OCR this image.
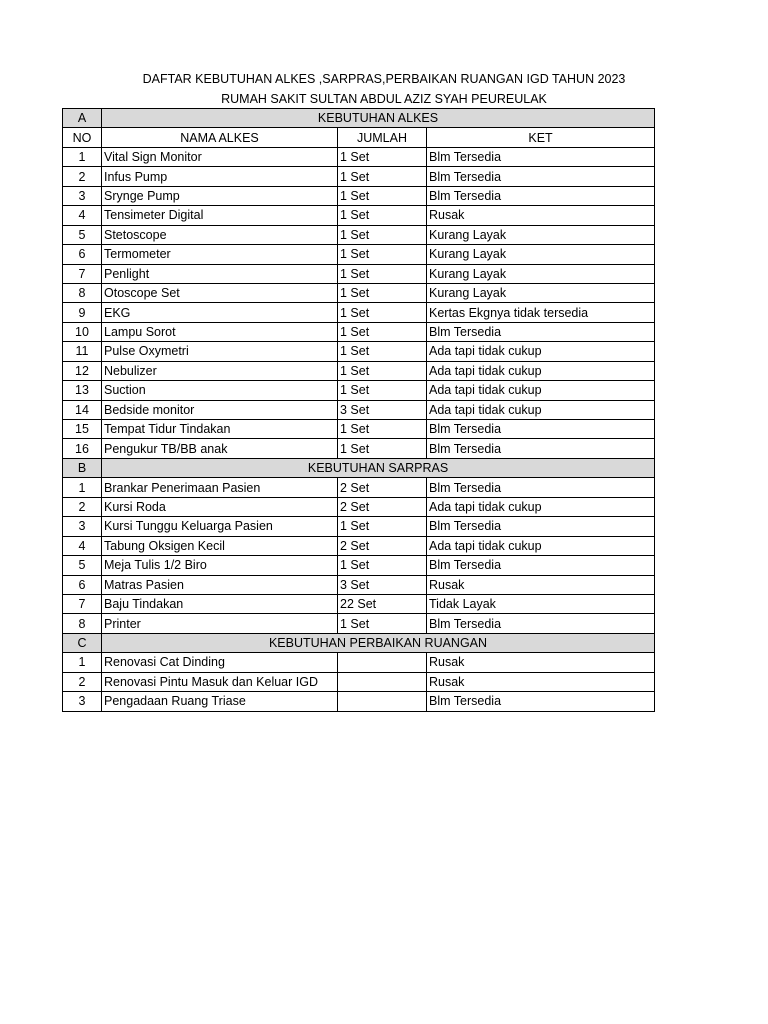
DAFTAR KEBUTUHAN ALKES ,SARPRAS,PERBAIKAN RUANGAN IGD TAHUN 2023
RUMAH SAKIT SULTAN ABDUL AZIZ SYAH PEUREULAK
A	KEBUTUHAN ALKES		
NO	NAMA ALKES	JUMLAH	KET
1	Vital Sign Monitor	1 Set	Blm Tersedia
2	Infus Pump	1 Set	Blm Tersedia
3	Srynge Pump	1 Set	Blm Tersedia
4	Tensimeter Digital	1 Set	Rusak
5	Stetoscope	1 Set	Kurang Layak
6	Termometer	1 Set	Kurang Layak
7	Penlight	1 Set	Kurang Layak
8	Otoscope Set	1 Set	Kurang Layak
9	EKG	1 Set	Kertas Ekgnya tidak tersedia
10	Lampu Sorot	1 Set	Blm Tersedia
11	Pulse Oxymetri	1 Set	Ada tapi tidak cukup
12	Nebulizer	1 Set	Ada tapi tidak cukup
13	Suction	1 Set	Ada tapi tidak cukup
14	Bedside monitor	3 Set	Ada tapi tidak cukup
15	Tempat Tidur Tindakan	1 Set	Blm Tersedia
16	Pengukur TB/BB anak	1 Set	Blm Tersedia
B	KEBUTUHAN SARPRAS		
1	Brankar Penerimaan Pasien	2 Set	Blm Tersedia
2	Kursi Roda	2 Set	Ada tapi tidak cukup
3	Kursi Tunggu Keluarga Pasien	1 Set	Blm Tersedia
4	Tabung Oksigen Kecil	2 Set	Ada tapi tidak cukup
5	Meja Tulis 1/2 Biro	1 Set	Blm Tersedia
6	Matras Pasien	3 Set	Rusak
7	Baju Tindakan	22 Set	Tidak Layak
8	Printer	1 Set	Blm Tersedia
C	KEBUTUHAN PERBAIKAN RUANGAN		
1	Renovasi Cat Dinding		Rusak
2	Renovasi Pintu Masuk dan Keluar IGD		Rusak
3	Pengadaan Ruang Triase		Blm Tersedia
